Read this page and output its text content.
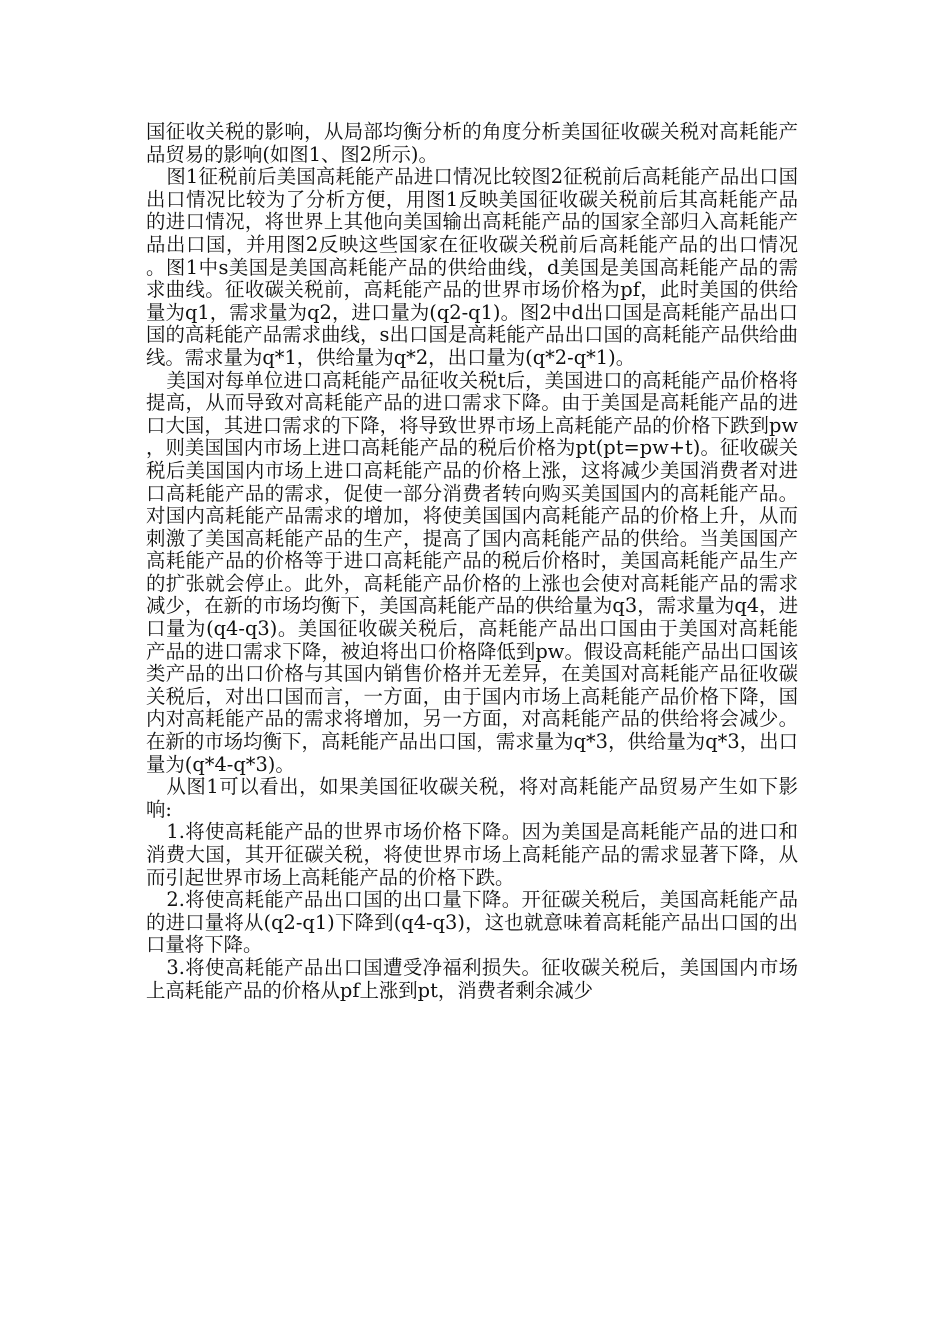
国征收关税的影响，从局部均衡分析的角度分析美国征收碳关税对高耗能产品贸易的影响(如图1、图2所示)。

图1征税前后美国高耗能产品进口情况比较图2征税前后高耗能产品出口国出口情况比较为了分析方便，用图1反映美国征收碳关税前后其高耗能产品的进口情况，将世界上其他向美国输出高耗能产品的国家全部归入高耗能产品出口国，并用图2反映这些国家在征收碳关税前后高耗能产品的出口情况。图1中s美国是美国高耗能产品的供给曲线，d美国是美国高耗能产品的需求曲线。征收碳关税前，高耗能产品的世界市场价格为pf，此时美国的供给量为q1，需求量为q2，进口量为(q2-q1)。图2中d出口国是高耗能产品出口国的高耗能产品需求曲线，s出口国是高耗能产品出口国的高耗能产品供给曲线。需求量为q*1，供给量为q*2，出口量为(q*2-q*1)。

美国对每单位进口高耗能产品征收关税t后，美国进口的高耗能产品价格将提高，从而导致对高耗能产品的进口需求下降。由于美国是高耗能产品的进口大国，其进口需求的下降，将导致世界市场上高耗能产品的价格下跌到pw，则美国国内市场上进口高耗能产品的税后价格为pt(pt=pw+t)。征收碳关税后美国国内市场上进口高耗能产品的价格上涨，这将减少美国消费者对进口高耗能产品的需求，促使一部分消费者转向购买美国国内的高耗能产品。对国内高耗能产品需求的增加，将使美国国内高耗能产品的价格上升，从而刺激了美国高耗能产品的生产，提高了国内高耗能产品的供给。当美国国产高耗能产品的价格等于进口高耗能产品的税后价格时，美国高耗能产品生产的扩张就会停止。此外，高耗能产品价格的上涨也会使对高耗能产品的需求减少，在新的市场均衡下，美国高耗能产品的供给量为q3，需求量为q4，进口量为(q4-q3)。美国征收碳关税后，高耗能产品出口国由于美国对高耗能产品的进口需求下降，被迫将出口价格降低到pw。假设高耗能产品出口国该类产品的出口价格与其国内销售价格并无差异，在美国对高耗能产品征收碳关税后，对出口国而言，一方面，由于国内市场上高耗能产品价格下降，国内对高耗能产品的需求将增加，另一方面，对高耗能产品的供给将会减少。在新的市场均衡下，高耗能产品出口国，需求量为q*3，供给量为q*3，出口量为(q*4-q*3)。

从图1可以看出，如果美国征收碳关税，将对高耗能产品贸易产生如下影响:

1.将使高耗能产品的世界市场价格下降。因为美国是高耗能产品的进口和消费大国，其开征碳关税，将使世界市场上高耗能产品的需求显著下降，从而引起世界市场上高耗能产品的价格下跌。

2.将使高耗能产品出口国的出口量下降。开征碳关税后，美国高耗能产品的进口量将从(q2-q1)下降到(q4-q3)，这也就意味着高耗能产品出口国的出口量将下降。

3.将使高耗能产品出口国遭受净福利损失。征收碳关税后，美国国内市场上高耗能产品的价格从pf上涨到pt，消费者剩余减少
